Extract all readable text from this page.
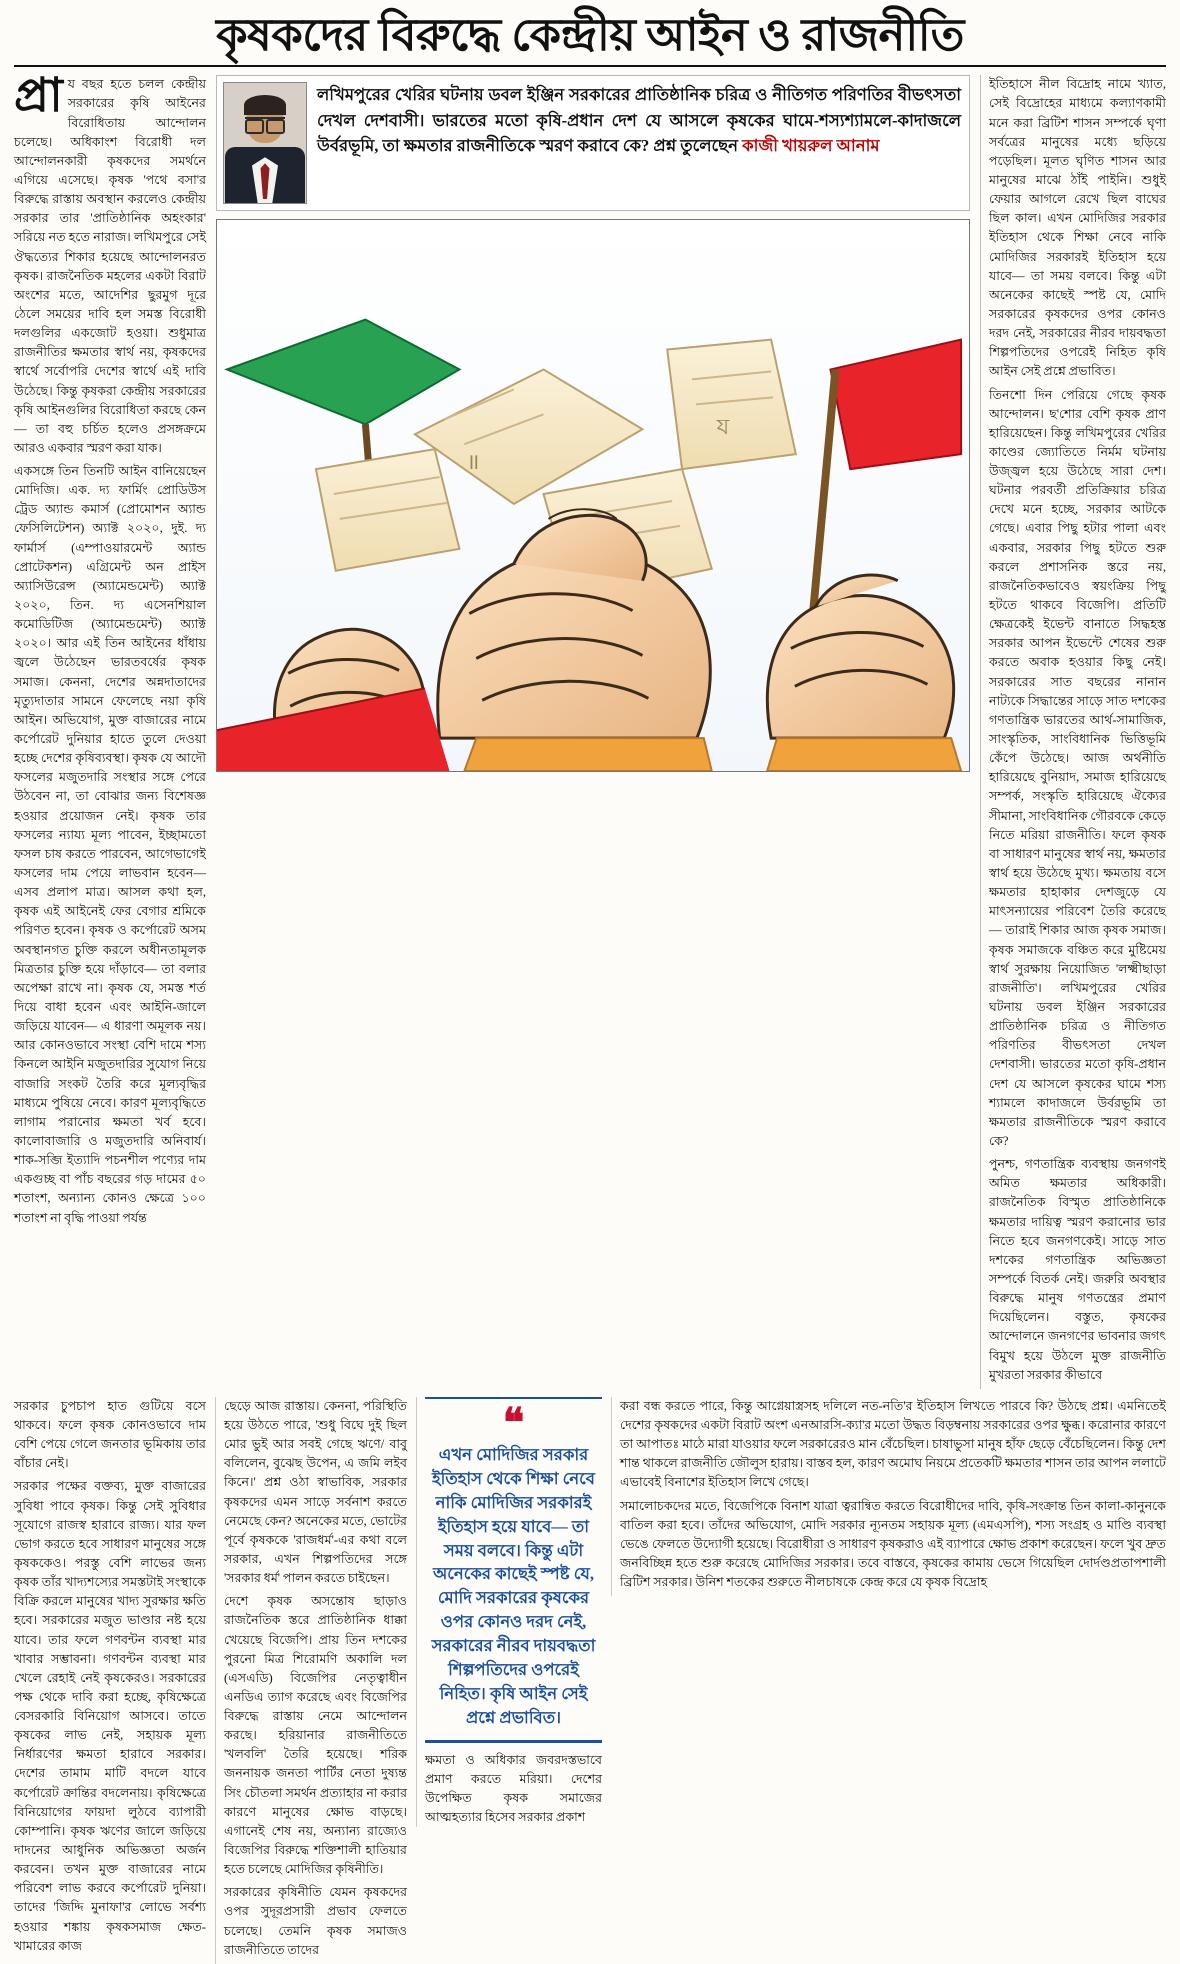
কৃষকদের বিরুদ্ধে কেন্দ্রীয় আইন ও রাজনীতি
প্রা য বছর হতে চলল কেন্দ্রীয় সরকারের কৃষি আইনের বিরোধিতায় আন্দোলন চলেছে। অধিকাংশ বিরোধী দল আন্দোলনকারী কৃষকদের সমর্থনে এগিয়ে এসেছে। কৃষক 'পথে বসা'র বিরুদ্ধে রাস্তায় অবস্থান করলেও কেন্দ্রীয় সরকার তার 'প্রাতিষ্ঠানিক অহংকার' সরিয়ে নত হতে নারাজ। লখিমপুরে সেই ঔদ্ধত্যের শিকার হয়েছে আন্দোলনরত কৃষক। রাজনৈতিক মহলের একটা বিরাট অংশের মতে, আদেশির ছুরমুগ দূরে ঠেলে সময়ের দাবি হল সমস্ত বিরোধী দলগুলির একজোট হওয়া। শুধুমাত্র রাজনীতির ক্ষমতার স্বার্থ নয়, কৃষকদের স্বার্থে সর্বোপরি দেশের স্বার্থে এই দাবি উঠেছে। কিন্তু কৃষকরা কেন্দ্রীয় সরকারের কৃষি আইনগুলির বিরোধিতা করছে কেন— তা বহু চর্চিত হলেও প্রসঙ্গক্রমে আরও একবার স্মরণ করা যাক।

একসঙ্গে তিন তিনটি আইন বানিয়েছেন মোদিজি। এক. দ্য ফার্মিং প্রোডিউস ট্রেড অ্যান্ড কমার্স (প্রোমোশন অ্যান্ড ফেসিলিটেশন) অ্যাক্ট ২০২০, দুই. দ্য ফার্মার্স (এম্পাওয়ারমেন্ট অ্যান্ড প্রোটেকশন) এগ্রিমেন্ট অন প্রাইস অ্যাসিউরেন্স (অ্যামেন্ডমেন্ট) অ্যাক্ট ২০২০, তিন. দ্য এসেনশিয়াল কমোডিটিজ (অ্যামেন্ডমেন্ট) অ্যাক্ট ২০২০। আর এই তিন আইনের ধাঁধায় জ্বলে উঠেছেন ভারতবর্ষের কৃষক সমাজ। কেননা, দেশের অন্নদাতাদের মৃত্যুদাতার সামনে ফেলেছে নয়া কৃষি আইন। অভিযোগ, মুক্ত বাজারের নামে কর্পোরেট দুনিয়ার হাতে তুলে দেওয়া হচ্ছে দেশের কৃষিব্যবস্থা। কৃষক যে আদৌ ফসলের মজুতদারি সংস্থার সঙ্গে পেরে উঠবেন না, তা বোঝার জন্য বিশেষজ্ঞ হওয়ার প্রয়োজন নেই। কৃষক তার ফসলের ন্যায্য মূল্য পাবেন, ইচ্ছামতো ফসল চাষ করতে পারবেন, আগেভাগেই ফসলের দাম পেয়ে লাভবান হবেন— এসব প্রলাপ মাত্র। আসল কথা হল, কৃষক এই আইনেই ফের বেগার শ্রমিকে পরিণত হবেন। কৃষক ও কর্পোরেট অসম অবস্থানগত চুক্তি করলে অধীনতামূলক মিত্রতার চুক্তি হয়ে দাঁড়াবে— তা বলার অপেক্ষা রাখে না। কৃষক যে, সমস্ত শর্ত দিয়ে বাধা হবেন এবং আইনি-জালে জড়িয়ে যাবেন— এ ধারণা অমূলক নয়। আর কোনওভাবে সংস্থা বেশি দামে শস্য কিনলে আইনি মজুতদারির সুযোগ নিয়ে বাজারি সংকট তৈরি করে মূল্যবৃদ্ধির মাধ্যমে পুষিয়ে নেবে। কারণ মূল্যবৃদ্ধিতে লাগাম পরানোর ক্ষমতা খর্ব হবে। কালোবাজারি ও মজুতদারি অনিবার্য। শাক-সব্জি ইত্যাদি পচনশীল পণ্যের দাম একগুচ্ছ বা পাঁচ বছরের গড় দামের ৫০ শতাংশ, অন্যান্য কোনও ক্ষেত্রে ১০০ শতাংশ না বৃদ্ধি পাওয়া পর্যন্ত

লখিমপুরের খেরির ঘটনায় ডবল ইঞ্জিন সরকারের প্রাতিষ্ঠানিক চরিত্র ও নীতিগত পরিণতির বীভৎসতা দেখল দেশবাসী। ভারতের মতো কৃষি-প্রধান দেশ যে আসলে কৃষকের ঘামে-শস্যশ্যামলে-কাদাজলে উর্বরভূমি, তা ক্ষমতার রাজনীতিকে স্মরণ করাবে কে? প্রশ্ন তুলেছেন কাজী খায়রুল আনাম
॥
য

ইতিহাসে নীল বিদ্রোহ নামে খ্যাত, সেই বিদ্রোহের মাধ্যমে কল্যাণকামী মনে করা ব্রিটিশ শাসন সম্পর্কে ঘৃণা সর্বত্রের মানুষের মধ্যে ছড়িয়ে পড়েছিল। মূলত ঘৃণিত শাসন আর মানুষের মাঝে ঠাঁই পাইনি। শুধুই ফেয়ার আগলে রেখে ছিল বাঘের ছিল কাল। এখন মোদিজির সরকার ইতিহাস থেকে শিক্ষা নেবে নাকি মোদিজির সরকারই ইতিহাস হয়ে যাবে— তা সময় বলবে। কিন্তু এটা অনেকের কাছেই স্পষ্ট যে, মোদি সরকারের কৃষকদের ওপর কোনও দরদ নেই, সরকারের নীরব দায়বদ্ধতা শিল্পপতিদের ওপরেই নিহিত কৃষি আইন সেই প্রশ্নে প্রভাবিত।

তিনশো দিন পেরিয়ে গেছে কৃষক আন্দোলন। ছ'শোর বেশি কৃষক প্রাণ হারিয়েছেন। কিন্তু লখিমপুরের খেরির কাণ্ডের জ্যোতিতে নির্মম ঘটনায় উজ্জ্বল হয়ে উঠেছে সারা দেশ। ঘটনার পরবর্তী প্রতিক্রিয়ার চরিত্র দেখে মনে হচ্ছে, সরকার আটকে গেছে। এবার পিছু হটার পালা এবং একবার, সরকার পিছু হটতে শুরু করলে প্রশাসনিক স্তরে নয়, রাজনৈতিকভাবেও স্বয়ংক্রিয় পিছু হটতে থাকবে বিজেপি। প্রতিটি ক্ষেত্রকেই ইভেন্ট বানাতে সিদ্ধহস্ত সরকার আপন ইভেন্টে শেষের শুরু করতে অবাক হওয়ার কিছু নেই। সরকারের সাত বছরের নানান নাট্যকে সিদ্ধান্তের সাড়ে সাত দশকের গণতান্ত্রিক ভারতের আর্থ-সামাজিক, সাংস্কৃতিক, সাংবিধানিক ভিত্তিভূমি কেঁপে উঠেছে। আজ অর্থনীতি হারিয়েছে বুনিয়াদ, সমাজ হারিয়েছে সম্পর্ক, সংস্কৃতি হারিয়েছে ঐক্যের সীমানা, সাংবিধানিক গৌরবকে কেড়ে নিতে মরিয়া রাজনীতি। ফলে কৃষক বা সাধারণ মানুষের স্বার্থ নয়, ক্ষমতার স্বার্থ হয়ে উঠেছে মুখ্য। ক্ষমতায় বসে ক্ষমতার হাহাকার দেশজুড়ে যে মাৎসন্যায়ের পরিবেশ তৈরি করেছে— তারাই শিকার আজ কৃষক সমাজ। কৃষক সমাজকে বঞ্চিত করে মুষ্টিমেয় স্বার্থ সুরক্ষায় নিয়োজিত 'লক্ষ্মীছাড়া রাজনীতি'। লখিমপুরের খেরির ঘটনায় ডবল ইঞ্জিন সরকারের প্রাতিষ্ঠানিক চরিত্র ও নীতিগত পরিণতির বীভৎসতা দেখল দেশবাসী। ভারতের মতো কৃষি-প্রধান দেশ যে আসলে কৃষকের ঘামে শস্য শ্যামলে কাদাজলে উর্বরভূমি তা ক্ষমতার রাজনীতিকে স্মরণ করাবে কে?

পুনশ্চ, গণতান্ত্রিক ব্যবস্থায় জনগণই অমিত ক্ষমতার অধিকারী। রাজনৈতিক বিস্মৃত প্রাতিষ্ঠানিকে ক্ষমতার দায়িত্ব স্মরণ করানোর ভার নিতে হবে জনগণকেই। সাড়ে সাত দশকের গণতান্ত্রিক অভিজ্ঞতা সম্পর্কে বিতর্ক নেই। জরুরি অবস্থার বিরুদ্ধে মানুষ গণতন্ত্রের প্রমাণ দিয়েছিলেন। বস্তুত, কৃষকের আন্দোলনে জনগণের ভাবনার জগৎ বিমুখ হয়ে উঠলে মুক্ত রাজনীতি মুখরতা সরকার কীভাবে

সরকার চুপচাপ হাত গুটিয়ে বসে থাকবে। ফলে কৃষক কোনওভাবে দাম বেশি পেয়ে গেলে জনতার ভূমিকায় তার বাঁচার নেই।

সরকার পক্ষের বক্তব্য, মুক্ত বাজারের সুবিধা পাবে কৃষক। কিন্তু সেই সুবিধার সূযোগে রাজস্ব হারাবে রাজ্য। যার ফল ভোগ করতে হবে সাধারণ মানুষের সঙ্গে কৃষককেও। পরস্তু বেশি লাভের জন্য কৃষক তাঁর খাদ্যশস্যের সমস্তটাই সংস্থাকে বিক্রি করলে মানুষের খাদ্য সুরক্ষার ক্ষতি হবে। সরকারের মজুত ভাণ্ডার নষ্ট হয়ে যাবে। তার ফলে গণবন্টন ব্যবস্থা মার খাবার সম্ভাবনা। গণবন্টন ব্যবস্থা মার খেলে রেহাই নেই কৃষকেরও। সরকারের পক্ষ থেকে দাবি করা হচ্ছে, কৃষিক্ষেত্রে বেসরকারি বিনিয়োগ আসবে। তাতে কৃষকের লাভ নেই, সহায়ক মূল্য নির্ধারণের ক্ষমতা হারাবে সরকার। দেশের তামাম মাটি বদলে যাবে কর্পোরেট ক্রান্তির বদলেনায়। কৃষিক্ষেত্রে বিনিয়োগের ফায়দা লুঠবে ব্যাপারী কোম্পানি। কৃষক ঋণের জালে জড়িয়ে দাদনের আধুনিক অভিজ্ঞতা অর্জন করবেন। তখন মুক্ত বাজারের নামে পরিবেশ লাভ করবে কর্পোরেট দুনিয়া। তাদের 'জিদ্দি মুনাফা'র লোভে সর্বশ্য হওয়ার শঙ্কায় কৃষকসমাজ ক্ষেত-খামারের কাজ

ছেড়ে আজ রাস্তায়। কেননা, পরিস্থিতি হয়ে উঠতে পারে, 'শুধু বিঘে দুই ছিল মোর ভুই আর সবই গেছে ঋণে/ বাবু বলিলেন, বুঝেছ উপেন, এ জমি লইব কিনে।' প্রশ্ন ওঠা স্বাভাবিক, সরকার কৃষকদের এমন সাড়ে সর্বনাশ করতে নেমেছে কেন? অনেকের মতে, ভোটের পূর্বে কৃষককে 'রাজধর্ম'-এর কথা বলে সরকার, এখন শিল্পপতিদের সঙ্গে 'সরকার ধর্ম' পালন করতে চাইছেন।

দেশে কৃষক অসন্তোষ ছাড়াও রাজনৈতিক স্তরে প্রাতিষ্ঠানিক ধাক্কা খেয়েছে বিজেপি। প্রায় তিন দশকের পুরনো মিত্র শিরোমণি অকালি দল (এসএডি) বিজেপির নেতৃত্বাধীন এনডিএ ত্যাগ করেছে এবং বিজেপির বিরুদ্ধে রাস্তায় নেমে আন্দোলন করছে। হরিয়ানার রাজনীতিতে 'খলবলি' তৈরি হয়েছে। শরিক জননায়ক জনতা পার্টির নেতা দুষ্যন্ত সিং চৌতলা সমর্থন প্রত্যাহার না করার কারণে মানুষের ক্ষোভ বাড়ছে। এগানেই শেষ নয়, অন্যান্য রাজ্যেও বিজেপির বিরুদ্ধে শক্তিশালী হাতিয়ার হতে চলেছে মোদিজির কৃষিনীতি।

সরকারের কৃষিনীতি যেমন কৃষকদের ওপর সুদূরপ্রসারী প্রভাব ফেলতে চলেছে। তেমনি কৃষক সমাজও রাজনীতিতে তাদের

❝
এখন মোদিজির সরকার ইতিহাস থেকে শিক্ষা নেবে নাকি মোদিজির সরকারই ইতিহাস হয়ে যাবে— তা সময় বলবে। কিন্তু এটা অনেকের কাছেই স্পষ্ট যে, মোদি সরকারের কৃষকের ওপর কোনও দরদ নেই, সরকারের নীরব দায়বদ্ধতা শিল্পপতিদের ওপরেই নিহিত। কৃষি আইন সেই প্রশ্নে প্রভাবিত।
ক্ষমতা ও অধিকার জবরদস্তভাবে প্রমাণ করতে মরিয়া। দেশের উপেক্ষিত কৃষক সমাজের আত্মহত্যার হিসেব সরকার প্রকাশ

করা বন্ধ করতে পারে, কিন্তু আগ্নেয়াস্ত্রসহ দলিলে নত-নতি'র ইতিহাস লিখতে পারবে কি? উঠছে প্রশ্ন। এমনিতেই দেশের কৃষকদের একটা বিরাট অংশ এনআরসি-ক্যা'র মতো উদ্ধত বিড়ম্বনায় সরকারের ওপর ক্ষুব্ধ। করোনার কারণে তা আপাতঃ মাঠে মারা যাওয়ার ফলে সরকারেরও মান বেঁচেছিল। চাষাভুসা মানুষ হাঁফ ছেড়ে বেঁচেছিলেন। কিন্তু দেশ শান্ত থাকলে রাজনীতি জৌলুস হারায়। বাস্তব হল, কারণ অমোঘ নিয়মে প্রতেকটি ক্ষমতার শাসন তার আপন ললাটে এভাবেই বিনাশের ইতিহাস লিখে গেছে।

সমালোচকদের মতে, বিজেপিকে বিনাশ যাত্রা ত্বরান্বিত করতে বিরোধীদের দাবি, কৃষি-সংক্রান্ত তিন কালা-কানুনকে বাতিল করা হবে। তাঁদের অভিযোগ, মোদি সরকার ন্যূনতম সহায়ক মূল্য (এমএসপি), শস্য সংগ্রহ ও মাণ্ডি ব্যবস্থা ভেঙে ফেলতে উদ্যোগী হয়েছে। বিরোধীরা ও সাধারণ কৃষকরাও এই ব্যাপারে ক্ষোভ প্রকাশ করেছেন। ফলে খুব দ্রুত জনবিচ্ছিন্ন হতে শুরু করেছে মোদিজির সরকার। তবে বাস্তবে, কৃষকের কামায় ভেসে গিয়েছিল দোর্দণ্ডপ্রতাপশালী ব্রিটিশ সরকার। উনিশ শতকের শুরুতে নীলচাষকে কেন্দ্র করে যে কৃষক বিদ্রোহ
